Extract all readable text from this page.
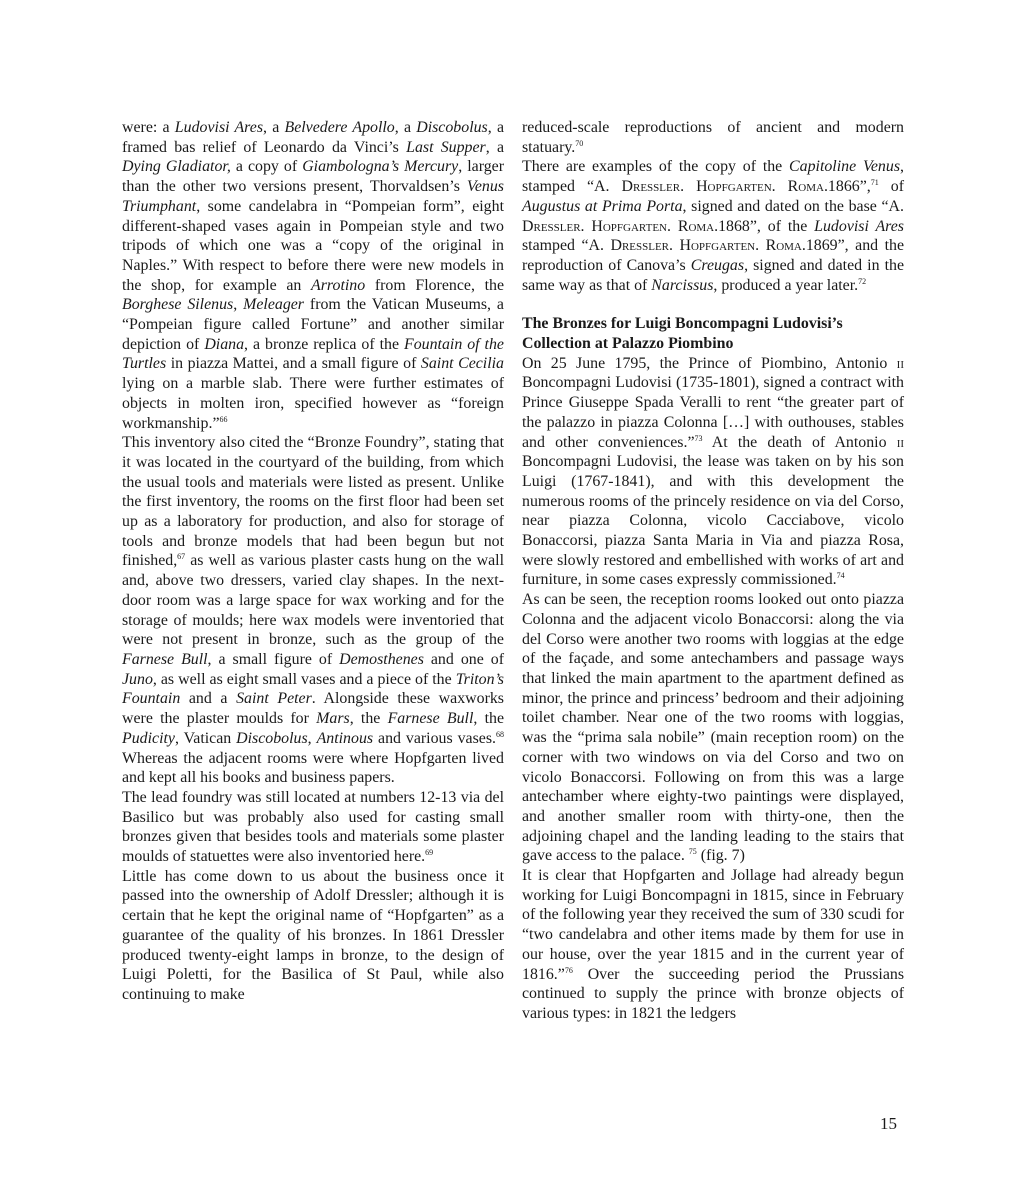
were: a Ludovisi Ares, a Belvedere Apollo, a Discobolus, a framed bas relief of Leonardo da Vinci’s Last Supper, a Dying Gladiator, a copy of Giambologna’s Mercury, larger than the other two versions present, Thorvaldsen’s Venus Triumphant, some candelabra in “Pompeian form”, eight different-shaped vases again in Pompeian style and two tripods of which one was a “copy of the original in Naples.” With respect to before there were new models in the shop, for example an Arrotino from Florence, the Borghese Silenus, Meleager from the Vatican Museums, a “Pompeian figure called Fortune” and another similar depiction of Diana, a bronze replica of the Fountain of the Turtles in piazza Mattei, and a small figure of Saint Cecilia lying on a marble slab. There were further estimates of objects in molten iron, specified however as “foreign workmanship.”$^{66}$

This inventory also cited the “Bronze Foundry”, stating that it was located in the courtyard of the building, from which the usual tools and materials were listed as present. Unlike the first inventory, the rooms on the first floor had been set up as a laboratory for production, and also for storage of tools and bronze models that had been begun but not finished,$^{67}$ as well as various plaster casts hung on the wall and, above two dressers, varied clay shapes. In the next-door room was a large space for wax working and for the storage of moulds; here wax models were inventoried that were not present in bronze, such as the group of the Farnese Bull, a small figure of Demosthenes and one of Juno, as well as eight small vases and a piece of the Triton’s Fountain and a Saint Peter. Alongside these waxworks were the plaster moulds for Mars, the Farnese Bull, the Pudicity, Vatican Discobolus, Antinous and various vases.$^{68}$ Whereas the adjacent rooms were where Hopfgarten lived and kept all his books and business papers.

The lead foundry was still located at numbers 12-13 via del Basilico but was probably also used for casting small bronzes given that besides tools and materials some plaster moulds of statuettes were also inventoried here.$^{69}$

Little has come down to us about the business once it passed into the ownership of Adolf Dressler; although it is certain that he kept the original name of “Hopfgarten” as a guarantee of the quality of his bronzes. In 1861 Dressler produced twenty-eight lamps in bronze, to the design of Luigi Poletti, for the Basilica of St Paul, while also continuing to make

reduced-scale reproductions of ancient and modern statuary.$^{70}$

There are examples of the copy of the Capitoline Venus, stamped “A. Dressler. Hopfgarten. Roma.1866”,$^{71}$ of Augustus at Prima Porta, signed and dated on the base “A. Dressler. Hopfgarten. Roma.1868”, of the Ludovisi Ares stamped “A. Dressler. Hopfgarten. Roma.1869”, and the reproduction of Canova’s Creugas, signed and dated in the same way as that of Narcissus, produced a year later.$^{72}$

The Bronzes for Luigi Boncompagni Ludovisi’s Collection at Palazzo Piombino

On 25 June 1795, the Prince of Piombino, Antonio ii Boncompagni Ludovisi (1735-1801), signed a contract with Prince Giuseppe Spada Veralli to rent “the greater part of the palazzo in piazza Colonna […] with outhouses, stables and other conveniences.”$^{73}$ At the death of Antonio ii Boncompagni Ludovisi, the lease was taken on by his son Luigi (1767-1841), and with this development the numerous rooms of the princely residence on via del Corso, near piazza Colonna, vicolo Cacciabove, vicolo Bonaccorsi, piazza Santa Maria in Via and piazza Rosa, were slowly restored and embellished with works of art and furniture, in some cases expressly commissioned.$^{74}$

As can be seen, the reception rooms looked out onto piazza Colonna and the adjacent vicolo Bonaccorsi: along the via del Corso were another two rooms with loggias at the edge of the façade, and some antechambers and passage ways that linked the main apartment to the apartment defined as minor, the prince and princess’ bedroom and their adjoining toilet chamber. Near one of the two rooms with loggias, was the “prima sala nobile” (main reception room) on the corner with two windows on via del Corso and two on vicolo Bonaccorsi. Following on from this was a large antechamber where eighty-two paintings were displayed, and another smaller room with thirty-one, then the adjoining chapel and the landing leading to the stairs that gave access to the palace. $^{75}$ (fig. 7)

It is clear that Hopfgarten and Jollage had already begun working for Luigi Boncompagni in 1815, since in February of the following year they received the sum of 330 scudi for “two candelabra and other items made by them for use in our house, over the year 1815 and in the current year of 1816.”$^{76}$ Over the succeeding period the Prussians continued to supply the prince with bronze objects of various types: in 1821 the ledgers

15
